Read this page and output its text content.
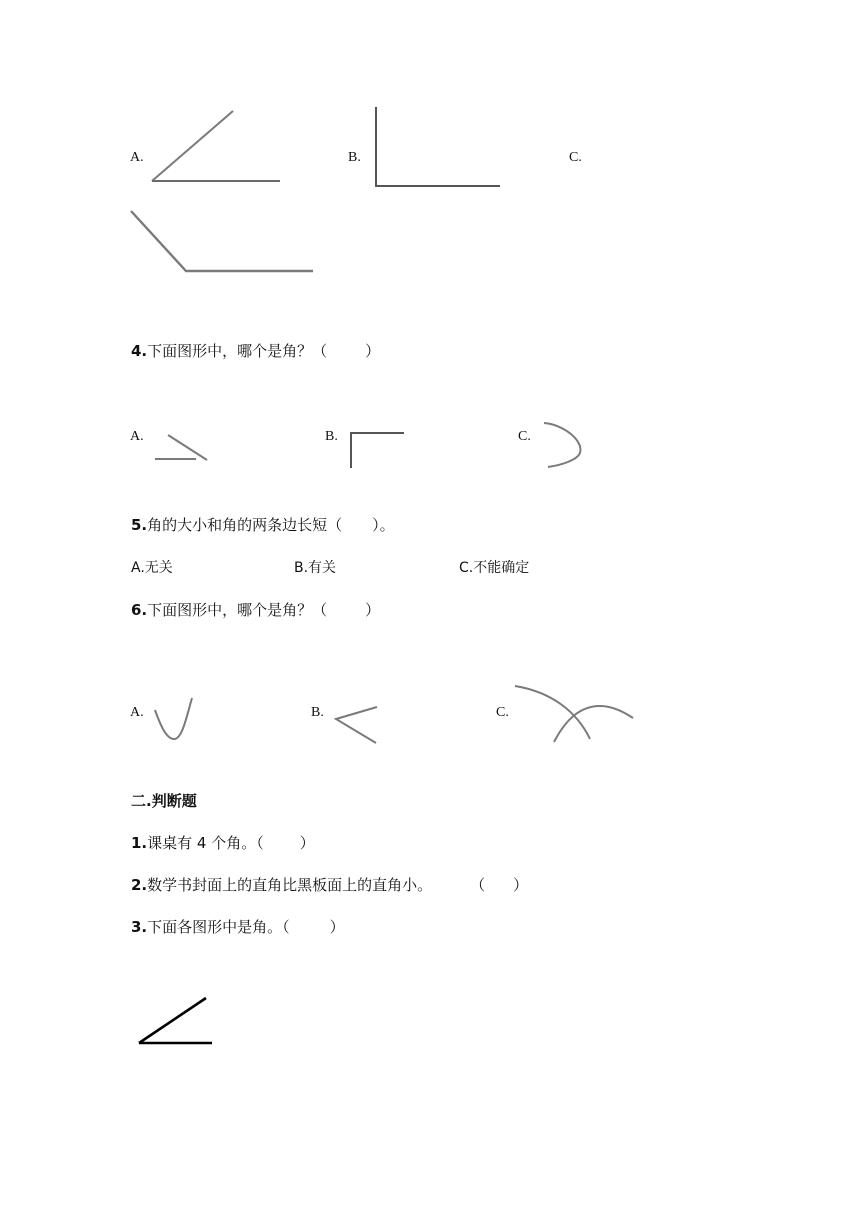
A.	B.	C.
4.下面图形中，哪个是角？（	）
A.	B.	C.
5.角的大小和角的两条边长短（ ）。
A.无关	B.有关	C.不能确定
6.下面图形中，哪个是角？（	）
A.	B.	C.
二.判断题
1.课桌有 4 个角。（ ）
2.数学书封面上的直角比黑板面上的直角小。	（ ）
3.下面各图形中是角。（	）
